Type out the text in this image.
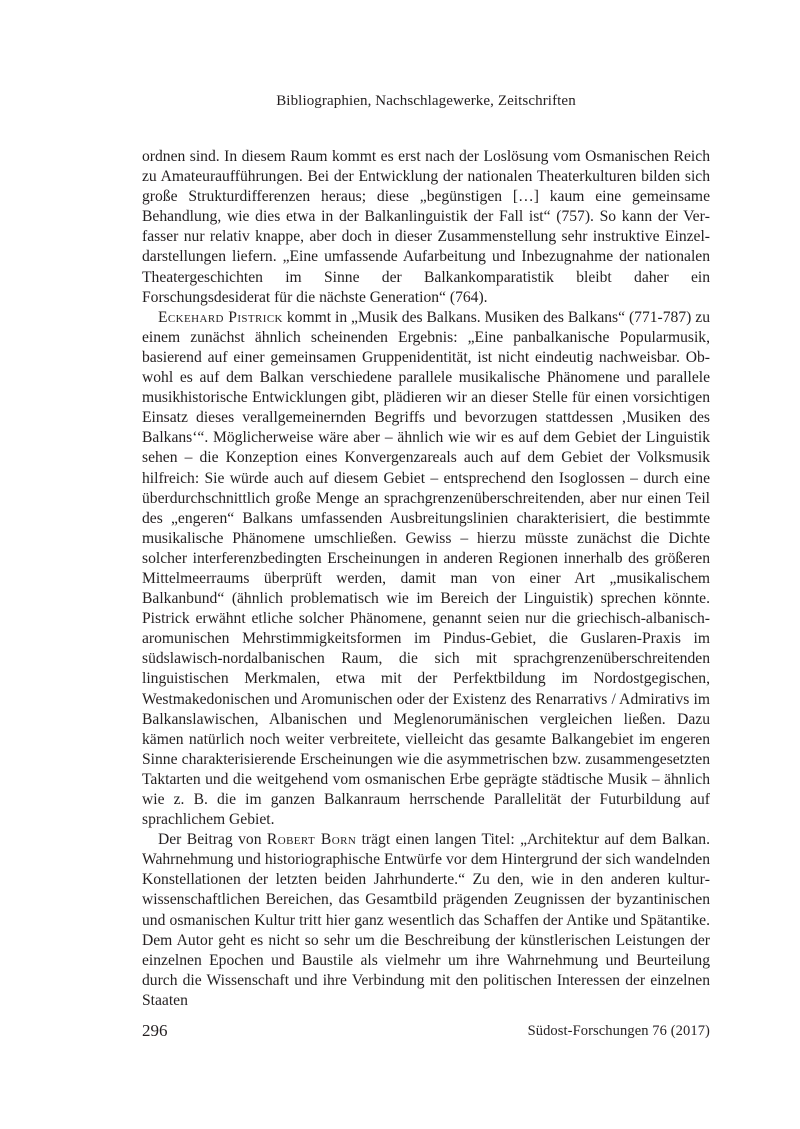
Bibliographien, Nachschlagewerke, Zeitschriften

ordnen sind. In diesem Raum kommt es erst nach der Loslösung vom Osmanischen Reich zu Amateuraufführungen. Bei der Entwicklung der nationalen Theaterkulturen bilden sich große Strukturdifferenzen heraus; diese „begünstigen […] kaum eine gemeinsame Behandlung, wie dies etwa in der Balkanlinguistik der Fall ist“ (757). So kann der Verfasser nur relativ knappe, aber doch in dieser Zusammenstellung sehr instruktive Einzeldarstellungen liefern. „Eine umfassende Aufarbeitung und Inbezugnahme der nationalen Theatergeschichten im Sinne der Balkankomparatistik bleibt daher ein Forschungsdesiderat für die nächste Generation“ (764).

Eckehard Pistrick kommt in „Musik des Balkans. Musiken des Balkans“ (771-787) zu einem zunächst ähnlich scheinenden Ergebnis: „Eine panbalkanische Popularmusik, basierend auf einer gemeinsamen Gruppenidentität, ist nicht eindeutig nachweisbar. Obwohl es auf dem Balkan verschiedene parallele musikalische Phänomene und parallele musikhistorische Entwicklungen gibt, plädieren wir an dieser Stelle für einen vorsichtigen Einsatz dieses verallgemeinernden Begriffs und bevorzugen stattdessen ‚Musiken des Balkans‘“. Möglicherweise wäre aber – ähnlich wie wir es auf dem Gebiet der Linguistik sehen – die Konzeption eines Konvergenzareals auch auf dem Gebiet der Volksmusik hilfreich: Sie würde auch auf diesem Gebiet – entsprechend den Isoglossen – durch eine überdurchschnittlich große Menge an sprachgrenzenüberschreitenden, aber nur einen Teil des „engeren“ Balkans umfassenden Ausbreitungslinien charakterisiert, die bestimmte musikalische Phänomene umschließen. Gewiss – hierzu müsste zunächst die Dichte solcher interferenzbedingten Erscheinungen in anderen Regionen innerhalb des größeren Mittelmeerraums überprüft werden, damit man von einer Art „musikalischem Balkanbund“ (ähnlich problematisch wie im Bereich der Linguistik) sprechen könnte. Pistrick erwähnt etliche solcher Phänomene, genannt seien nur die griechisch-albanisch-aromunischen Mehrstimmigkeitsformen im Pindus-Gebiet, die Guslaren-Praxis im südslawisch-nordalbanischen Raum, die sich mit sprachgrenzenüberschreitenden linguistischen Merkmalen, etwa mit der Perfektbildung im Nordostgegischen, Westmakedonischen und Aromunischen oder der Existenz des Renarrativs / Admirativs im Balkanslawischen, Albanischen und Meglenorumänischen vergleichen ließen. Dazu kämen natürlich noch weiter verbreitete, vielleicht das gesamte Balkangebiet im engeren Sinne charakterisierende Erscheinungen wie die asymmetrischen bzw. zusammengesetzten Taktarten und die weitgehend vom osmanischen Erbe geprägte städtische Musik – ähnlich wie z. B. die im ganzen Balkanraum herrschende Parallelität der Futurbildung auf sprachlichem Gebiet.

Der Beitrag von Robert Born trägt einen langen Titel: „Architektur auf dem Balkan. Wahrnehmung und historiographische Entwürfe vor dem Hintergrund der sich wandelnden Konstellationen der letzten beiden Jahrhunderte.“ Zu den, wie in den anderen kulturwissenschaftlichen Bereichen, das Gesamtbild prägenden Zeugnissen der byzantinischen und osmanischen Kultur tritt hier ganz wesentlich das Schaffen der Antike und Spätantike. Dem Autor geht es nicht so sehr um die Beschreibung der künstlerischen Leistungen der einzelnen Epochen und Baustile als vielmehr um ihre Wahrnehmung und Beurteilung durch die Wissenschaft und ihre Verbindung mit den politischen Interessen der einzelnen Staaten

296	Südost-Forschungen 76 (2017)
